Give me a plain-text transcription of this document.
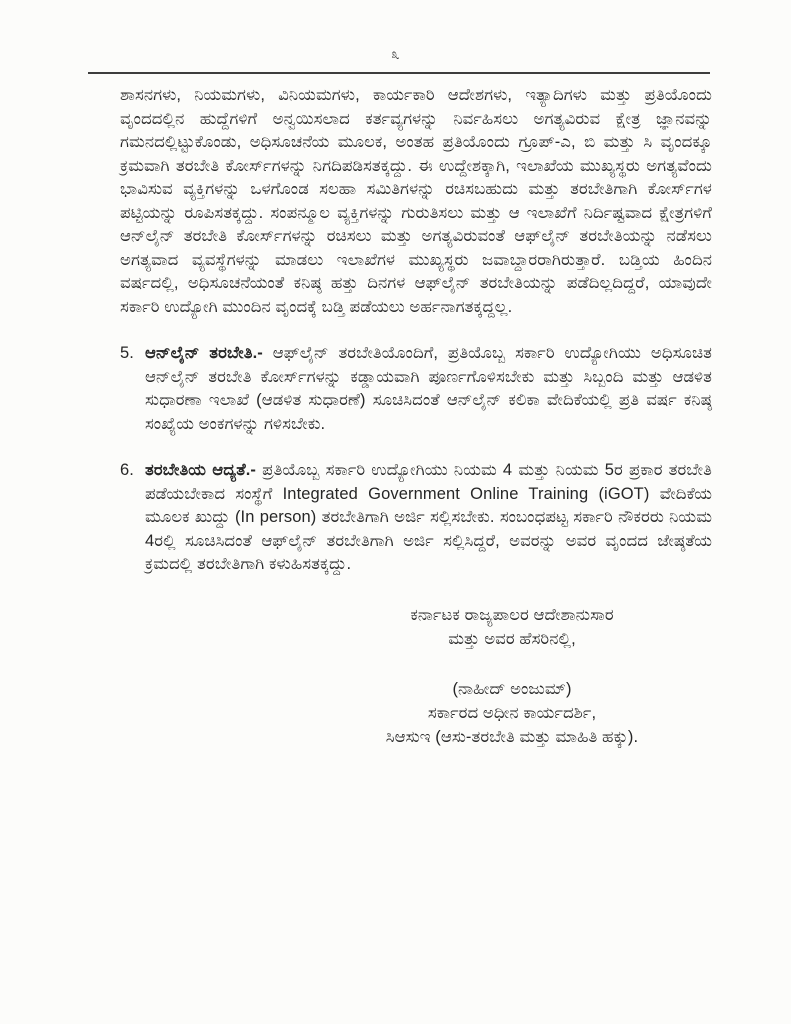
೩

ಶಾಸನಗಳು, ನಿಯಮಗಳು, ವಿನಿಯಮಗಳು, ಕಾರ್ಯಕಾರಿ ಆದೇಶಗಳು, ಇತ್ಯಾದಿಗಳು ಮತ್ತು ಪ್ರತಿಯೊಂದು ವೃಂದದಲ್ಲಿನ ಹುದ್ದೆಗಳಿಗೆ ಅನ್ವಯಿಸಲಾದ ಕರ್ತವ್ಯಗಳನ್ನು ನಿರ್ವಹಿಸಲು ಅಗತ್ಯವಿರುವ ಕ್ಷೇತ್ರ ಜ್ಞಾನವನ್ನು ಗಮನದಲ್ಲಿಟ್ಟುಕೊಂಡು, ಅಧಿಸೂಚನೆಯ ಮೂಲಕ, ಅಂತಹ ಪ್ರತಿಯೊಂದು ಗ್ರೂಪ್-ಎ, ಬಿ ಮತ್ತು ಸಿ ವೃಂದಕ್ಕೂ ಕ್ರಮವಾಗಿ ತರಬೇತಿ ಕೋರ್ಸ್‌ಗಳನ್ನು ನಿಗದಿಪಡಿಸತಕ್ಕದ್ದು. ಈ ಉದ್ದೇಶಕ್ಕಾಗಿ, ಇಲಾಖೆಯ ಮುಖ್ಯಸ್ಥರು ಅಗತ್ಯವೆಂದು ಭಾವಿಸುವ ವ್ಯಕ್ತಿಗಳನ್ನು ಒಳಗೊಂಡ ಸಲಹಾ ಸಮಿತಿಗಳನ್ನು ರಚಿಸಬಹುದು ಮತ್ತು ತರಬೇತಿಗಾಗಿ ಕೋರ್ಸ್‌ಗಳ ಪಟ್ಟಿಯನ್ನು ರೂಪಿಸತಕ್ಕದ್ದು. ಸಂಪನ್ಮೂಲ ವ್ಯಕ್ತಿಗಳನ್ನು ಗುರುತಿಸಲು ಮತ್ತು ಆ ಇಲಾಖೆಗೆ ನಿರ್ದಿಷ್ಟವಾದ ಕ್ಷೇತ್ರಗಳಿಗೆ ಆನ್‌ಲೈನ್ ತರಬೇತಿ ಕೋರ್ಸ್‌ಗಳನ್ನು ರಚಿಸಲು ಮತ್ತು ಅಗತ್ಯವಿರುವಂತೆ ಆಫ್‌ಲೈನ್ ತರಬೇತಿಯನ್ನು ನಡೆಸಲು ಅಗತ್ಯವಾದ ವ್ಯವಸ್ಥೆಗಳನ್ನು ಮಾಡಲು ಇಲಾಖೆಗಳ ಮುಖ್ಯಸ್ಥರು ಜವಾಬ್ದಾರರಾಗಿರುತ್ತಾರೆ. ಬಡ್ತಿಯ ಹಿಂದಿನ ವರ್ಷದಲ್ಲಿ, ಅಧಿಸೂಚನೆಯಂತೆ ಕನಿಷ್ಠ ಹತ್ತು ದಿನಗಳ ಆಫ್‌ಲೈನ್ ತರಬೇತಿಯನ್ನು ಪಡೆದಿಲ್ಲದಿದ್ದರೆ, ಯಾವುದೇ ಸರ್ಕಾರಿ ಉದ್ಯೋಗಿ ಮುಂದಿನ ವೃಂದಕ್ಕೆ ಬಡ್ತಿ ಪಡೆಯಲು ಅರ್ಹನಾಗತಕ್ಕದ್ದಲ್ಲ.

5. ಆನ್‌ಲೈನ್ ತರಬೇತಿ.- ಆಫ್‌ಲೈನ್ ತರಬೇತಿಯೊಂದಿಗೆ, ಪ್ರತಿಯೊಬ್ಬ ಸರ್ಕಾರಿ ಉದ್ಯೋಗಿಯು ಅಧಿಸೂಚಿತ ಆನ್‌ಲೈನ್ ತರಬೇತಿ ಕೋರ್ಸ್‌ಗಳನ್ನು ಕಡ್ಡಾಯವಾಗಿ ಪೂರ್ಣಗೊಳಿಸಬೇಕು ಮತ್ತು ಸಿಬ್ಬಂದಿ ಮತ್ತು ಆಡಳಿತ ಸುಧಾರಣಾ ಇಲಾಖೆ (ಆಡಳಿತ ಸುಧಾರಣೆ) ಸೂಚಿಸಿದಂತೆ ಆನ್‌ಲೈನ್ ಕಲಿಕಾ ವೇದಿಕೆಯಲ್ಲಿ ಪ್ರತಿ ವರ್ಷ ಕನಿಷ್ಠ ಸಂಖ್ಯೆಯ ಅಂಕಗಳನ್ನು ಗಳಿಸಬೇಕು.
6. ತರಬೇತಿಯ ಆದ್ಯತೆ.- ಪ್ರತಿಯೊಬ್ಬ ಸರ್ಕಾರಿ ಉದ್ಯೋಗಿಯು ನಿಯಮ 4 ಮತ್ತು ನಿಯಮ 5ರ ಪ್ರಕಾರ ತರಬೇತಿ ಪಡೆಯಬೇಕಾದ ಸಂಸ್ಥೆಗೆ Integrated Government Online Training (iGOT) ವೇದಿಕೆಯ ಮೂಲಕ ಖುದ್ದು (In person) ತರಬೇತಿಗಾಗಿ ಅರ್ಜಿ ಸಲ್ಲಿಸಬೇಕು. ಸಂಬಂಧಪಟ್ಟ ಸರ್ಕಾರಿ ನೌಕರರು ನಿಯಮ 4ರಲ್ಲಿ ಸೂಚಿಸಿದಂತೆ ಆಫ್‌ಲೈನ್ ತರಬೇತಿಗಾಗಿ ಅರ್ಜಿ ಸಲ್ಲಿಸಿದ್ದರೆ, ಅವರನ್ನು ಅವರ ವೃಂದದ ಜೇಷ್ಠತೆಯ ಕ್ರಮದಲ್ಲಿ ತರಬೇತಿಗಾಗಿ ಕಳುಹಿಸತಕ್ಕದ್ದು.
ಕರ್ನಾಟಕ ರಾಜ್ಯಪಾಲರ ಆದೇಶಾನುಸಾರ
ಮತ್ತು ಅವರ ಹೆಸರಿನಲ್ಲಿ,
(ನಾಹೀದ್ ಅಂಜುಮ್)
ಸರ್ಕಾರದ ಅಧೀನ ಕಾರ್ಯದರ್ಶಿ,
ಸಿಆಸುಇ (ಆಸು-ತರಬೇತಿ ಮತ್ತು ಮಾಹಿತಿ ಹಕ್ಕು).
